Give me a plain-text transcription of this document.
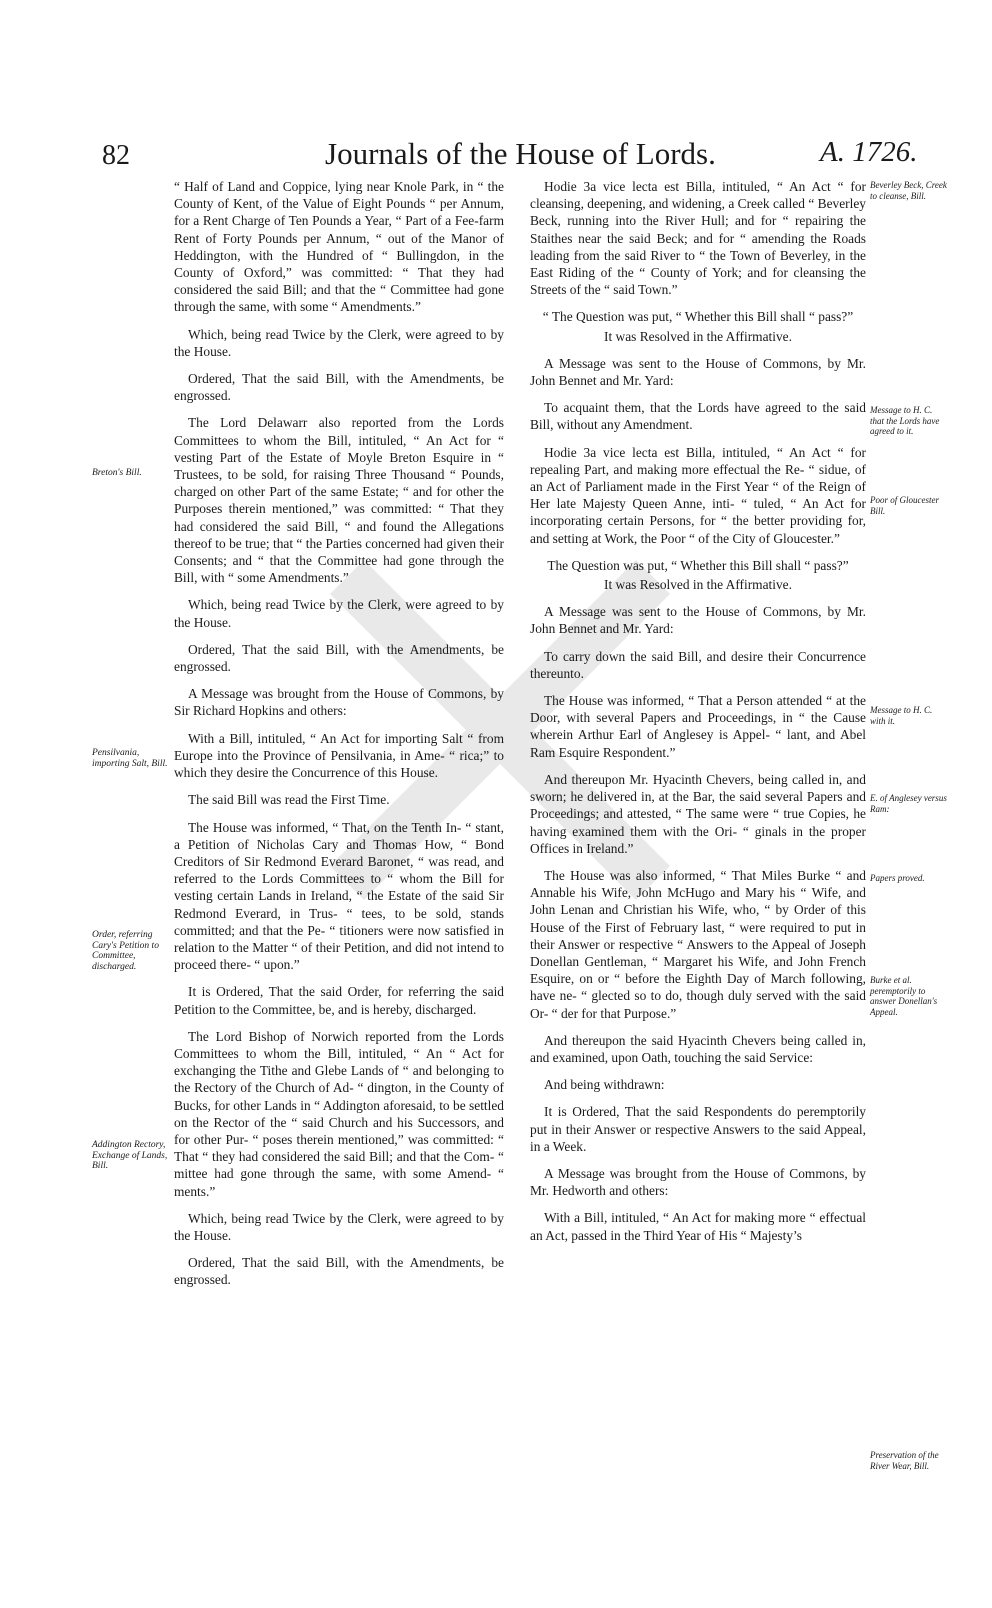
82	Journals of the House of Lords.	A. 1726.

“ Half of Land and Coppice, lying near Knole Park, in “ the County of Kent, of the Value of Eight Pounds “ per Annum, for a Rent Charge of Ten Pounds a Year, “ Part of a Fee-farm Rent of Forty Pounds per Annum, “ out of the Manor of Heddington, with the Hundred of “ Bullingdon, in the County of Oxford,” was committed: “ That they had considered the said Bill; and that the “ Committee had gone through the same, with some “ Amendments.”

Which, being read Twice by the Clerk, were agreed to by the House.

Ordered, That the said Bill, with the Amendments, be engrossed.

The Lord Delawarr also reported from the Lords Committees to whom the Bill, intituled, “ An Act for “ vesting Part of the Estate of Moyle Breton Esquire in “ Trustees, to be sold, for raising Three Thousand “ Pounds, charged on other Part of the same Estate; “ and for other the Purposes therein mentioned,” was committed: “ That they had considered the said Bill, “ and found the Allegations thereof to be true; that “ the Parties concerned had given their Consents; and “ that the Committee had gone through the Bill, with “ some Amendments.”

Which, being read Twice by the Clerk, were agreed to by the House.

Ordered, That the said Bill, with the Amendments, be engrossed.

A Message was brought from the House of Commons, by Sir Richard Hopkins and others:

With a Bill, intituled, “ An Act for importing Salt “ from Europe into the Province of Pensilvania, in Ame- “ rica;” to which they desire the Concurrence of this House.

The said Bill was read the First Time.

The House was informed, “ That, on the Tenth In- “ stant, a Petition of Nicholas Cary and Thomas How, “ Bond Creditors of Sir Redmond Everard Baronet, “ was read, and referred to the Lords Committees to “ whom the Bill for vesting certain Lands in Ireland, “ the Estate of the said Sir Redmond Everard, in Trus- “ tees, to be sold, stands committed; and that the Pe- “ titioners were now satisfied in relation to the Matter “ of their Petition, and did not intend to proceed there- “ upon.”

It is Ordered, That the said Order, for referring the said Petition to the Committee, be, and is hereby, discharged.

The Lord Bishop of Norwich reported from the Lords Committees to whom the Bill, intituled, “ An “ Act for exchanging the Tithe and Glebe Lands of “ and belonging to the Rectory of the Church of Ad- “ dington, in the County of Bucks, for other Lands in “ Addington aforesaid, to be settled on the Rector of the “ said Church and his Successors, and for other Pur- “ poses therein mentioned,” was committed: “ That “ they had considered the said Bill; and that the Com- “ mittee had gone through the same, with some Amend- “ ments.”

Which, being read Twice by the Clerk, were agreed to by the House.

Ordered, That the said Bill, with the Amendments, be engrossed.

Hodie 3a vice lecta est Billa, intituled, “ An Act “ for cleansing, deepening, and widening, a Creek called “ Beverley Beck, running into the River Hull; and for “ repairing the Staithes near the said Beck; and for “ amending the Roads leading from the said River to “ the Town of Beverley, in the East Riding of the “ County of York; and for cleansing the Streets of the “ said Town.”

“ The Question was put, “ Whether this Bill shall “ pass?”

It was Resolved in the Affirmative.

A Message was sent to the House of Commons, by Mr. John Bennet and Mr. Yard:

To acquaint them, that the Lords have agreed to the said Bill, without any Amendment.

Hodie 3a vice lecta est Billa, intituled, “ An Act “ for repealing Part, and making more effectual the Re- “ sidue, of an Act of Parliament made in the First Year “ of the Reign of Her late Majesty Queen Anne, inti- “ tuled, “ An Act for incorporating certain Persons, for “ the better providing for, and setting at Work, the Poor “ of the City of Gloucester.”

The Question was put, “ Whether this Bill shall “ pass?”

It was Resolved in the Affirmative.

A Message was sent to the House of Commons, by Mr. John Bennet and Mr. Yard:

To carry down the said Bill, and desire their Concurrence thereunto.

The House was informed, “ That a Person attended “ at the Door, with several Papers and Proceedings, in “ the Cause wherein Arthur Earl of Anglesey is Appel- “ lant, and Abel Ram Esquire Respondent.”

And thereupon Mr. Hyacinth Chevers, being called in, and sworn; he delivered in, at the Bar, the said several Papers and Proceedings; and attested, “ The same were “ true Copies, he having examined them with the Ori- “ ginals in the proper Offices in Ireland.”

The House was also informed, “ That Miles Burke “ and Annable his Wife, John McHugo and Mary his “ Wife, and John Lenan and Christian his Wife, who, “ by Order of this House of the First of February last, “ were required to put in their Answer or respective “ Answers to the Appeal of Joseph Donellan Gentleman, “ Margaret his Wife, and John French Esquire, on or “ before the Eighth Day of March following, have ne- “ glected so to do, though duly served with the said Or- “ der for that Purpose.”

And thereupon the said Hyacinth Chevers being called in, and examined, upon Oath, touching the said Service:

And being withdrawn:

It is Ordered, That the said Respondents do peremptorily put in their Answer or respective Answers to the said Appeal, in a Week.

A Message was brought from the House of Commons, by Mr. Hedworth and others:

With a Bill, intituled, “ An Act for making more “ effectual an Act, passed in the Third Year of His “ Majesty’s

Breton's Bill.
Pensilvania, importing Salt, Bill.
Order, referring Cary's Petition to Committee, discharged.
Addington Rectory, Exchange of Lands, Bill.
Beverley Beck, Creek to cleanse, Bill.
Message to H. C. that the Lords have agreed to it.
Poor of Gloucester Bill.
Message to H. C. with it.
E. of Anglesey versus Ram:
Papers proved.
Burke et al. peremptorily to answer Donellan's Appeal.
Preservation of the River Wear, Bill.
